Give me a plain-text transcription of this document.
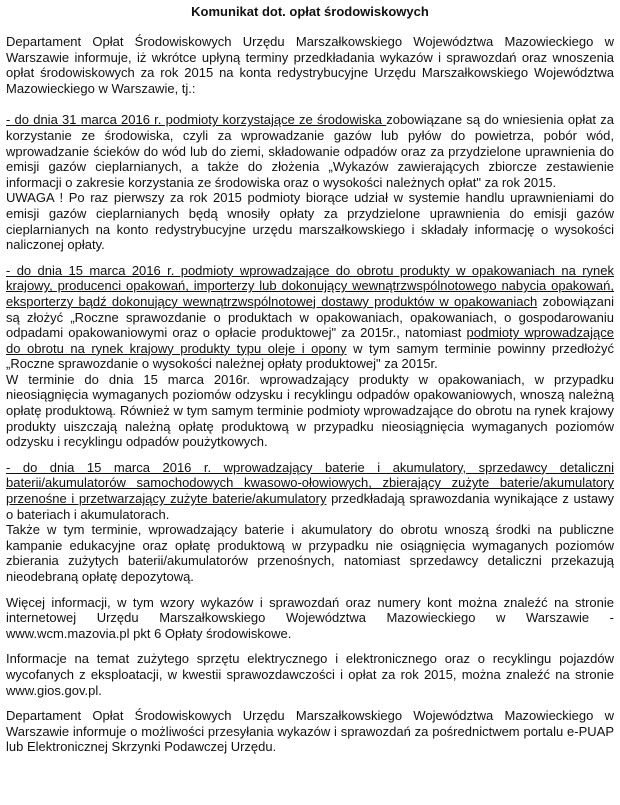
Komunikat dot. opłat środowiskowych

Departament Opłat Środowiskowych Urzędu Marszałkowskiego Województwa Mazowieckiego w Warszawie informuje, iż wkrótce upłyną terminy przedkładania wykazów i sprawozdań oraz wnoszenia opłat środowiskowych za rok 2015 na konta redystrybucyjne Urzędu Marszałkowskiego Województwa Mazowieckiego w Warszawie, tj.:

- do dnia 31 marca 2016 r. podmioty korzystające ze środowiska zobowiązane są do wniesienia opłat za korzystanie ze środowiska, czyli za wprowadzanie gazów lub pyłów do powietrza, pobór wód, wprowadzanie ścieków do wód lub do ziemi, składowanie odpadów oraz za przydzielone uprawnienia do emisji gazów cieplarnianych, a także do złożenia „Wykazów zawierających zbiorcze zestawienie informacji o zakresie korzystania ze środowiska oraz o wysokości należnych opłat" za rok 2015.

UWAGA ! Po raz pierwszy za rok 2015 podmioty biorące udział w systemie handlu uprawnieniami do emisji gazów cieplarnianych będą wnosiły opłaty za przydzielone uprawnienia do emisji gazów cieplarnianych na konto redystrybucyjne urzędu marszałkowskiego i składały informację o wysokości naliczonej opłaty.

- do dnia 15 marca 2016 r. podmioty wprowadzające do obrotu produkty w opakowaniach na rynek krajowy, producenci opakowań, importerzy lub dokonujący wewnątrzwspólnotowego nabycia opakowań, eksporterzy bądź dokonujący wewnątrzwspólnotowej dostawy produktów w opakowaniach zobowiązani są złożyć „Roczne sprawozdanie o produktach w opakowaniach, opakowaniach, o gospodarowaniu odpadami opakowaniowymi oraz o opłacie produktowej" za 2015r., natomiast podmioty wprowadzające do obrotu na rynek krajowy produkty typu oleje i opony w tym samym terminie powinny przedłożyć „Roczne sprawozdanie o wysokości należnej opłaty produktowej" za 2015r.

W terminie do dnia 15 marca 2016r. wprowadzający produkty w opakowaniach, w przypadku nieosiągnięcia wymaganych poziomów odzysku i recyklingu odpadów opakowaniowych, wnoszą należną opłatę produktową. Również w tym samym terminie podmioty wprowadzające do obrotu na rynek krajowy produkty uiszczają należną opłatę produktową w przypadku nieosiągnięcia wymaganych poziomów odzysku i recyklingu odpadów poużytkowych.

- do dnia 15 marca 2016 r. wprowadzający baterie i akumulatory, sprzedawcy detaliczni baterii/akumulatorów samochodowych kwasowo-ołowiowych, zbierający zużyte baterie/akumulatory przenośne i przetwarzający zużyte baterie/akumulatory przedkładają sprawozdania wynikające z ustawy o bateriach i akumulatorach.

Także w tym terminie, wprowadzający baterie i akumulatory do obrotu wnoszą środki na publiczne kampanie edukacyjne oraz opłatę produktową w przypadku nie osiągnięcia wymaganych poziomów zbierania zużytych baterii/akumulatorów przenośnych, natomiast sprzedawcy detaliczni przekazują nieodebraną opłatę depozytową.

Więcej informacji, w tym wzory wykazów i sprawozdań oraz numery kont można znaleźć na stronie internetowej Urzędu Marszałkowskiego Województwa Mazowieckiego w Warszawie - www.wcm.mazovia.pl pkt 6 Opłaty środowiskowe.

Informacje na temat zużytego sprzętu elektrycznego i elektronicznego oraz o recyklingu pojazdów wycofanych z eksploatacji, w kwestii sprawozdawczości i opłat za rok 2015, można znaleźć na stronie www.gios.gov.pl.

Departament Opłat Środowiskowych Urzędu Marszałkowskiego Województwa Mazowieckiego w Warszawie informuje o możliwości przesyłania wykazów i sprawozdań za pośrednictwem portalu e-PUAP lub Elektronicznej Skrzynki Podawczej Urzędu.
